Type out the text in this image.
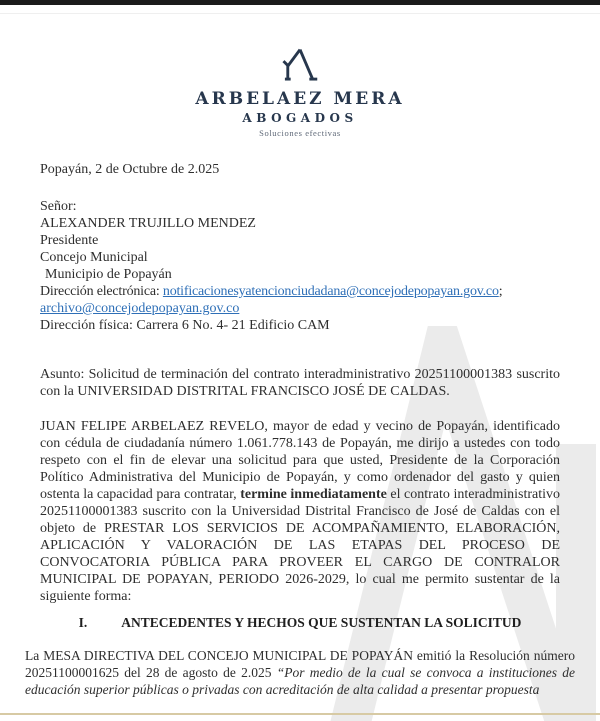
ARBELAEZ MERA
ABOGADOS
Soluciones efectivas

Popayán, 2 de Octubre de 2.025

Señor:

ALEXANDER TRUJILLO MENDEZ

Presidente

Concejo Municipal

Municipio de Popayán

Dirección electrónica: notificacionesyatencionciudadana@concejodepopayan.gov.co;

archivo@concejodepopayan.gov.co

Dirección física: Carrera 6 No. 4- 21 Edificio CAM

Asunto: Solicitud de terminación del contrato interadministrativo 20251100001383 suscrito con la UNIVERSIDAD DISTRITAL FRANCISCO JOSÉ DE CALDAS.

JUAN FELIPE ARBELAEZ REVELO, mayor de edad y vecino de Popayán, identificado con cédula de ciudadanía número 1.061.778.143 de Popayán, me dirijo a ustedes con todo respeto con el fin de elevar una solicitud para que usted, Presidente de la Corporación Político Administrativa del Municipio de Popayán, y como ordenador del gasto y quien ostenta la capacidad para contratar, termine inmediatamente el contrato interadministrativo 20251100001383 suscrito con la Universidad Distrital Francisco de José de Caldas con el objeto de PRESTAR LOS SERVICIOS DE ACOMPAÑAMIENTO, ELABORACIÓN, APLICACIÓN Y VALORACIÓN DE LAS ETAPAS DEL PROCESO DE CONVOCATORIA PÚBLICA PARA PROVEER EL CARGO DE CONTRALOR MUNICIPAL DE POPAYAN, PERIODO 2026-2029, lo cual me permito sustentar de la siguiente forma:

I.	ANTECEDENTES Y HECHOS QUE SUSTENTAN LA SOLICITUD

La MESA DIRECTIVA DEL CONCEJO MUNICIPAL DE POPAYÁN emitió la Resolución número 20251100001625 del 28 de agosto de 2.025 “Por medio de la cual se convoca a instituciones de educación superior públicas o privadas con acreditación de alta calidad a presentar propuesta
